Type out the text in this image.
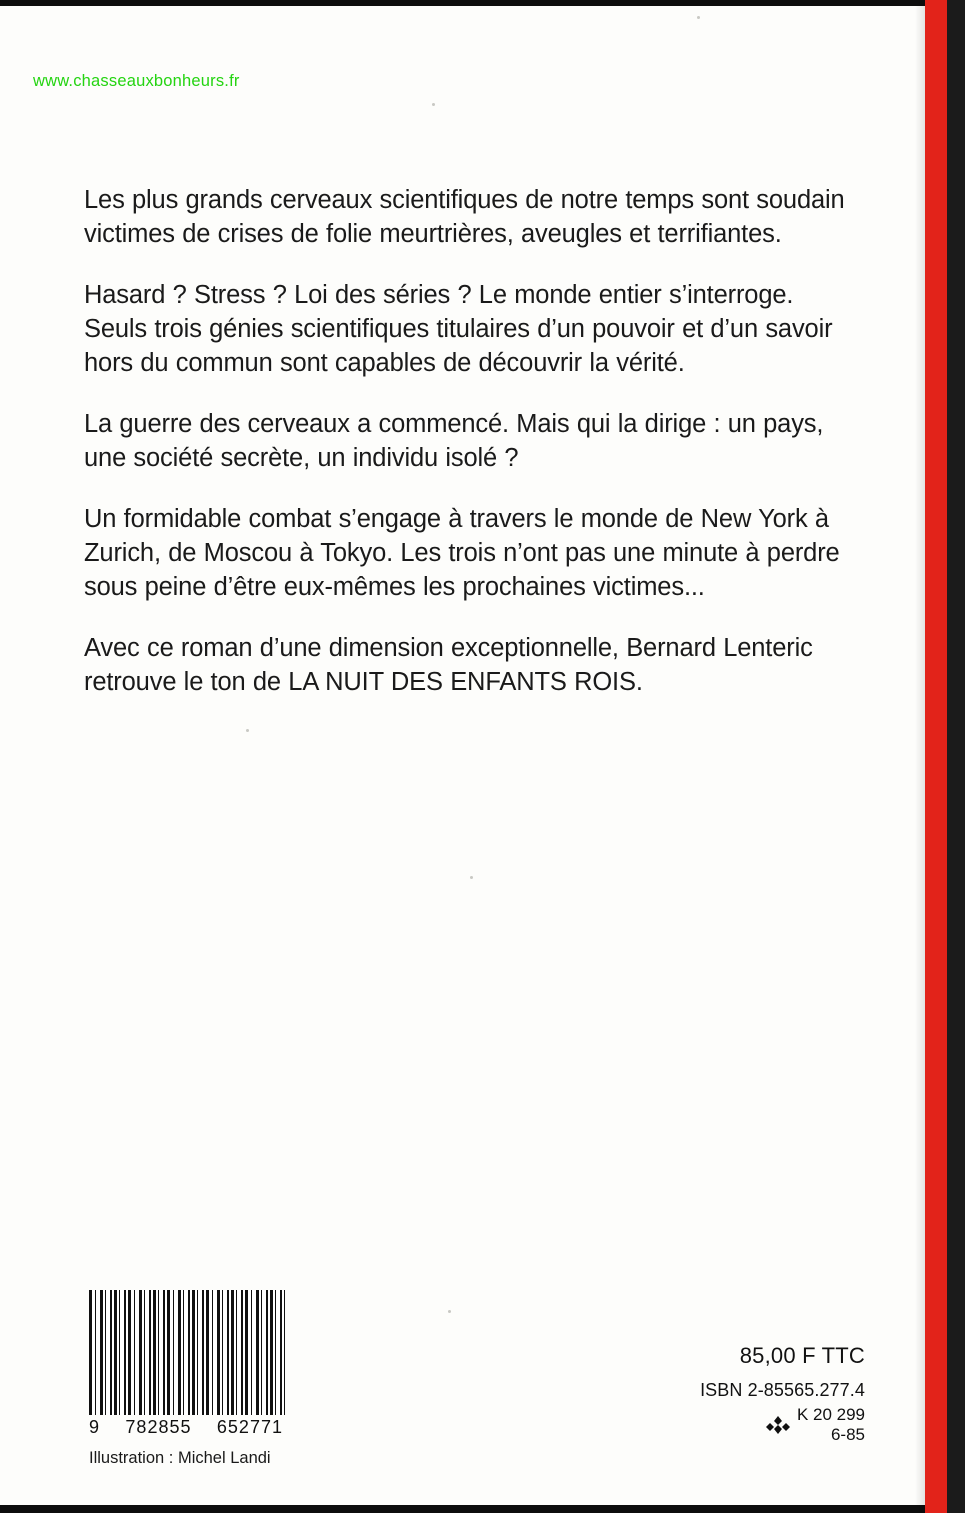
www.chasseauxbonheurs.fr

Les plus grands cerveaux scientifiques de notre temps sont soudain victimes de crises de folie meurtrières, aveugles et terrifiantes.

Hasard ? Stress ? Loi des séries ? Le monde entier s’interroge. Seuls trois génies scientifiques titulaires d’un pouvoir et d’un savoir hors du commun sont capables de découvrir la vérité.

La guerre des cerveaux a commencé. Mais qui la dirige : un pays, une société secrète, un individu isolé ?

Un formidable combat s’engage à travers le monde de New York à Zurich, de Moscou à Tokyo. Les trois n’ont pas une minute à perdre sous peine d’être eux-mêmes les prochaines victimes...

Avec ce roman d’une dimension exceptionnelle, Bernard Lenteric retrouve le ton de LA NUIT DES ENFANTS ROIS.

9 782855 652771
Illustration : Michel Landi
85,00 F TTC
ISBN 2-85565.277.4
K 20 299
6-85
